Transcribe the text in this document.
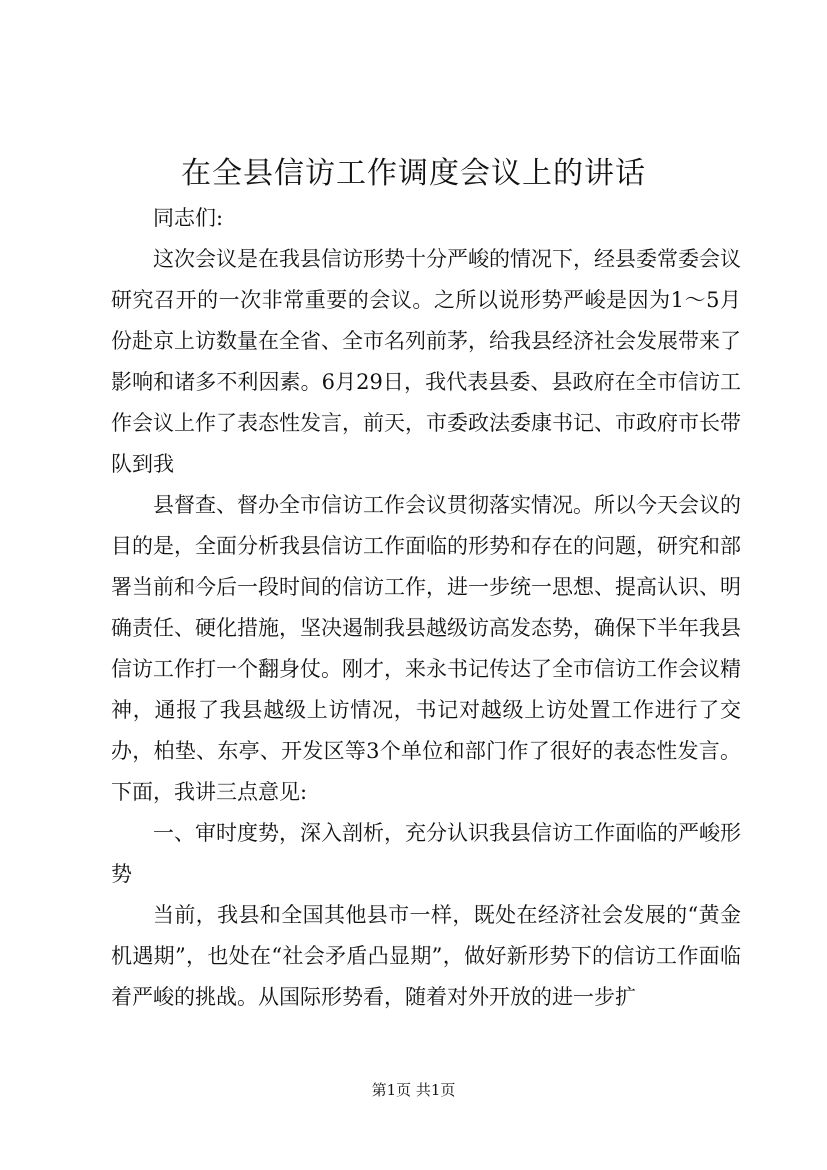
在全县信访工作调度会议上的讲话

同志们:

这次会议是在我县信访形势十分严峻的情况下，经县委常委会议研究召开的一次非常重要的会议。之所以说形势严峻是因为1～5月份赴京上访数量在全省、全市名列前茅，给我县经济社会发展带来了影响和诸多不利因素。6月29日，我代表县委、县政府在全市信访工作会议上作了表态性发言，前天，市委政法委康书记、市政府市长带队到我

县督查、督办全市信访工作会议贯彻落实情况。所以今天会议的目的是，全面分析我县信访工作面临的形势和存在的问题，研究和部署当前和今后一段时间的信访工作，进一步统一思想、提高认识、明确责任、硬化措施，坚决遏制我县越级访高发态势，确保下半年我县信访工作打一个翻身仗。刚才，来永书记传达了全市信访工作会议精神，通报了我县越级上访情况，书记对越级上访处置工作进行了交办，柏垫、东亭、开发区等3个单位和部门作了很好的表态性发言。下面，我讲三点意见:

一、审时度势，深入剖析，充分认识我县信访工作面临的严峻形势

当前，我县和全国其他县市一样，既处在经济社会发展的“黄金机遇期”，也处在“社会矛盾凸显期”，做好新形势下的信访工作面临着严峻的挑战。从国际形势看，随着对外开放的进一步扩

第1页 共1页
